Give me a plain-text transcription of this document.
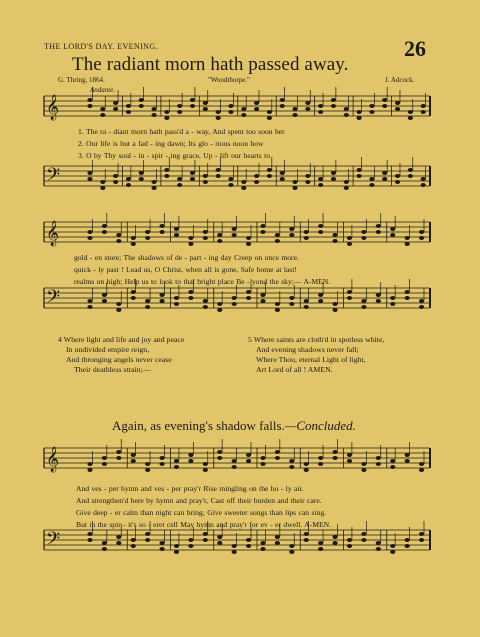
THE LORD'S DAY. EVENING.	26
The radiant morn hath passed away.
G. Thring, 1864.	"Woodthorpe."	J. Adcock.
Andante.
1. The ra - diant morn hath pass'd a - way, And spent too soon her
2. Our life is but a fad - ing dawn; Its glo - rious noon how
3. O by Thy soul - in - spir - ing grace, Up - lift our hearts to
gold - en store; The shadows of de - part - ing day Creep on once more.
quick - ly past ! Lead us, O Christ, when all is gone, Safe home at last!
realms on high; Help us to look to that bright place Be - yond the sky;— A-MEN.
4 Where light and life and joy and peace
In undivided empire reign,
And thronging angels never cease
Their deathless strain;—
5 Where saints are cloth'd in spotless white,
And evening shadows never fall;
Where Thou, eternal Light of light,
Art Lord of all ! AMEN.
Again, as evening's shadow falls.—Concluded.
And ves - per hymn and ves - per pray'r Rise mingling on the ho - ly air.
And strengthen'd here by hymn and pray'r, Cast off their burden and their care.
Give deep - er calm than night can bring; Give sweeter songs than lips can sing.
But in the spir - it's so - eret cell May hymn and pray'r for ev - er dwell. A-MEN.
𝄞
𝄢
𝄞
𝄢
𝄞
𝄢
